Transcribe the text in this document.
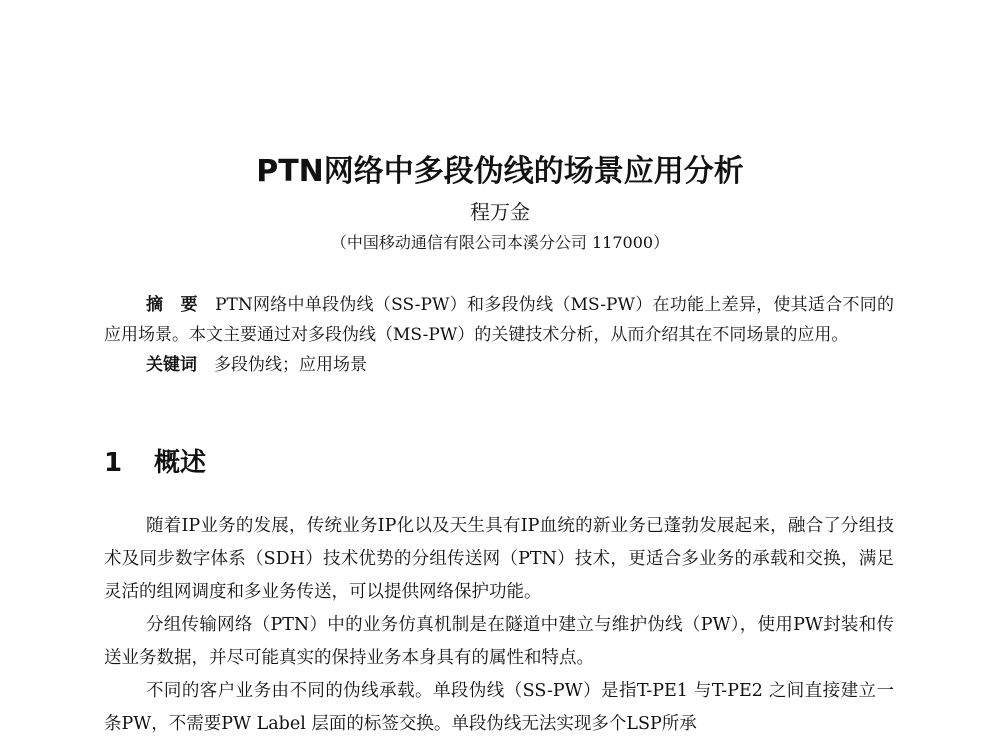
PTN网络中多段伪线的场景应用分析
程万金
（中国移动通信有限公司本溪分公司 117000）

摘　要　 PTN网络中单段伪线（SS-PW）和多段伪线（MS-PW）在功能上差异，使其适合不同的应用场景。本文主要通过对多段伪线（MS-PW）的关键技术分析，从而介绍其在不同场景的应用。

关键词　 多段伪线；应用场景

1 概述

随着IP业务的发展，传统业务IP化以及天生具有IP血统的新业务已蓬勃发展起来，融合了分组技术及同步数字体系（SDH）技术优势的分组传送网（PTN）技术，更适合多业务的承载和交换，满足灵活的组网调度和多业务传送，可以提供网络保护功能。

分组传输网络（PTN）中的业务仿真机制是在隧道中建立与维护伪线（PW），使用PW封装和传送业务数据，并尽可能真实的保持业务本身具有的属性和特点。

不同的客户业务由不同的伪线承载。单段伪线（SS-PW）是指T-PE1 与T-PE2 之间直接建立一条PW，不需要PW Label 层面的标签交换。单段伪线无法实现多个LSP所承
